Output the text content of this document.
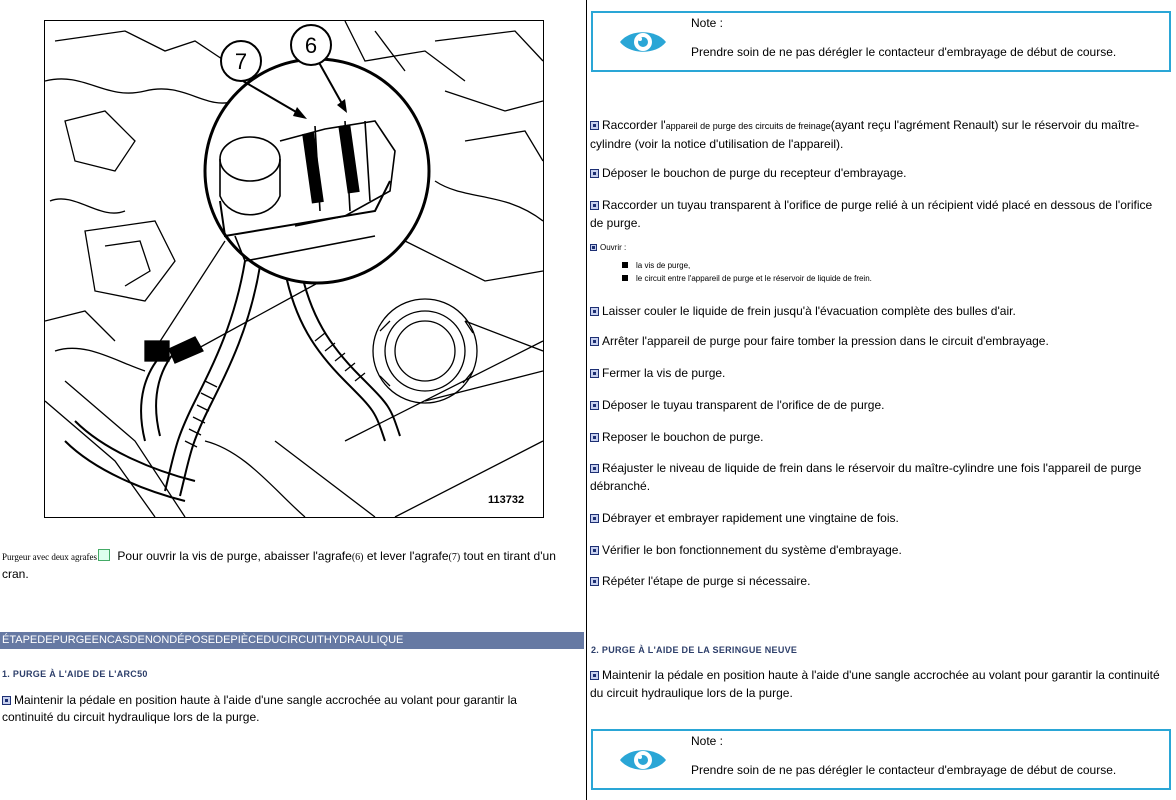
7
6
113732
Purgeur avec deux agrafes Pour ouvrir la vis de purge, abaisser l'agrafe(6) et lever l'agrafe(7) tout en tirant d'un cran.
ÉTAPEDEPURGEENCASDENONDÉPOSEDEPIÈCEDUCIRCUITHYDRAULIQUE
1. PURGE À L'AIDE DE L'ARC50
Maintenir la pédale en position haute à l'aide d'une sangle accrochée au volant pour garantir la continuité du circuit hydraulique lors de la purge.
Note :
Prendre soin de ne pas dérégler le contacteur d'embrayage de début de course.
Raccorder l'appareil de purge des circuits de freinage(ayant reçu l'agrément Renault) sur le réservoir du maître-cylindre (voir la notice d'utilisation de l'appareil).
Déposer le bouchon de purge du recepteur d'embrayage.
Raccorder un tuyau transparent à l'orifice de purge relié à un récipient vidé placé en dessous de l'orifice de purge.
Ouvrir :
la vis de purge,
le circuit entre l'appareil de purge et le réservoir de liquide de frein.
Laisser couler le liquide de frein jusqu'à l'évacuation complète des bulles d'air.
Arrêter l'appareil de purge pour faire tomber la pression dans le circuit d'embrayage.
Fermer la vis de purge.
Déposer le tuyau transparent de l'orifice de de purge.
Reposer le bouchon de purge.
Réajuster le niveau de liquide de frein dans le réservoir du maître-cylindre une fois l'appareil de purge débranché.
Débrayer et embrayer rapidement une vingtaine de fois.
Vérifier le bon fonctionnement du système d'embrayage.
Répéter l'étape de purge si nécessaire.
2. PURGE À L'AIDE DE LA SERINGUE NEUVE
Maintenir la pédale en position haute à l'aide d'une sangle accrochée au volant pour garantir la continuité du circuit hydraulique lors de la purge.
Note :
Prendre soin de ne pas dérégler le contacteur d'embrayage de début de course.
